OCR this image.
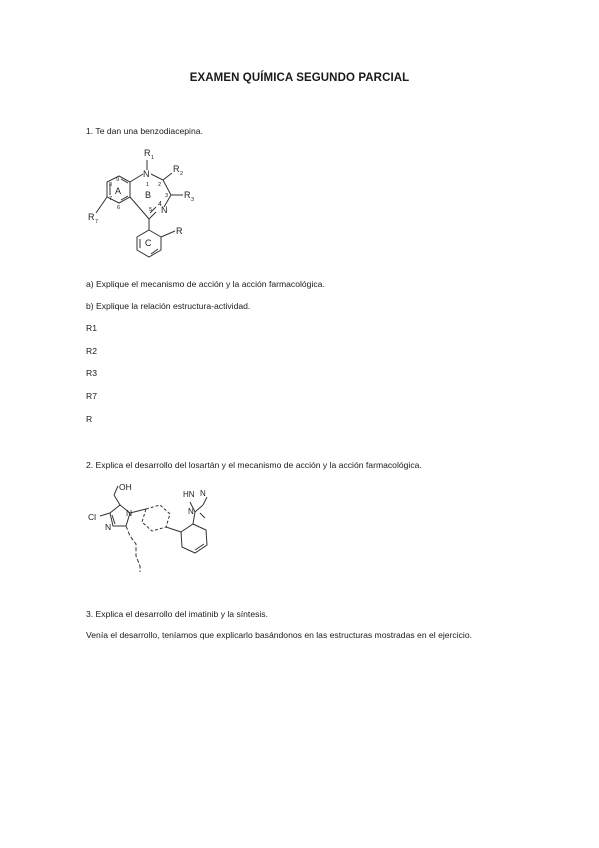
EXAMEN QUÍMICA SEGUNDO PARCIAL
1. Te dan una benzodiacepina.
R 1
N	R 2
R 3
N
R 7
R
A	B
C
1 2
3
4
5
6
7
8
9
a) Explique el mecanismo de acción y la acción farmacológica.
b) Explique la relación estructura-actividad.
R1
R2
R3
R7
R
2. Explica el desarrollo del losartán y el mecanismo de acción y la acción farmacológica.
OH
Cl	N
N
HN N
N
3. Explica el desarrollo del imatinib y la síntesis.
Venía el desarrollo, teníamos que explicarlo basándonos en las estructuras mostradas en el ejercicio.
